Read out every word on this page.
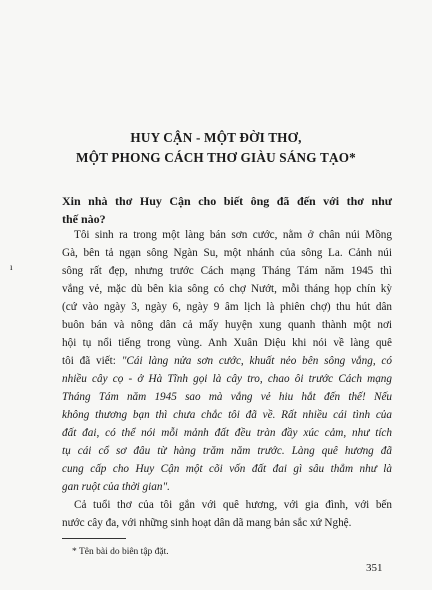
HUY CẬN - MỘT ĐỜI THƠ,
MỘT PHONG CÁCH THƠ GIÀU SÁNG TẠO*
Xin nhà thơ Huy Cận cho biết ông đã đến với thơ như
thế nào?
ı
Tôi sinh ra trong một làng bán sơn cước, nằm ở chân núi Mồng
Gà, bên tả ngạn sông Ngàn Su, một nhánh của sông La. Cảnh núi
sông rất đẹp, nhưng trước Cách mạng Tháng Tám năm 1945 thì
vắng vẻ, mặc dù bên kia sông có chợ Nướt, mỗi tháng họp chín kỳ
(cứ vào ngày 3, ngày 6, ngày 9 âm lịch là phiên chợ) thu hút dân
buôn bán và nông dân cả mấy huyện xung quanh thành một nơi
hội tụ nổi tiếng trong vùng. Anh Xuân Diệu khi nói về làng quê
tôi đã viết: "Cái làng nửa sơn cước, khuất nẻo bên sông vắng, có
nhiều cây cọ - ở Hà Tĩnh gọi là cây tro, chao ôi trước Cách mạng
Tháng Tám năm 1945 sao mà vắng vẻ hiu hắt đến thế! Nếu
không thương bạn thì chưa chắc tôi đã về. Rất nhiều cái tình của
đất đai, có thể nói mỗi mảnh đất đều tràn đầy xúc cảm, như tích
tụ cái cổ sơ đâu từ hàng trăm năm trước. Làng quê hương đã
cung cấp cho Huy Cận một cõi vốn đất đai gì sâu thẳm như là
gan ruột của thời gian".
Cả tuổi thơ của tôi gắn với quê hương, với gia đình, với bến
nước cây đa, với những sinh hoạt dân dã mang bản sắc xứ Nghệ.
* Tên bài do biên tập đặt.
351
